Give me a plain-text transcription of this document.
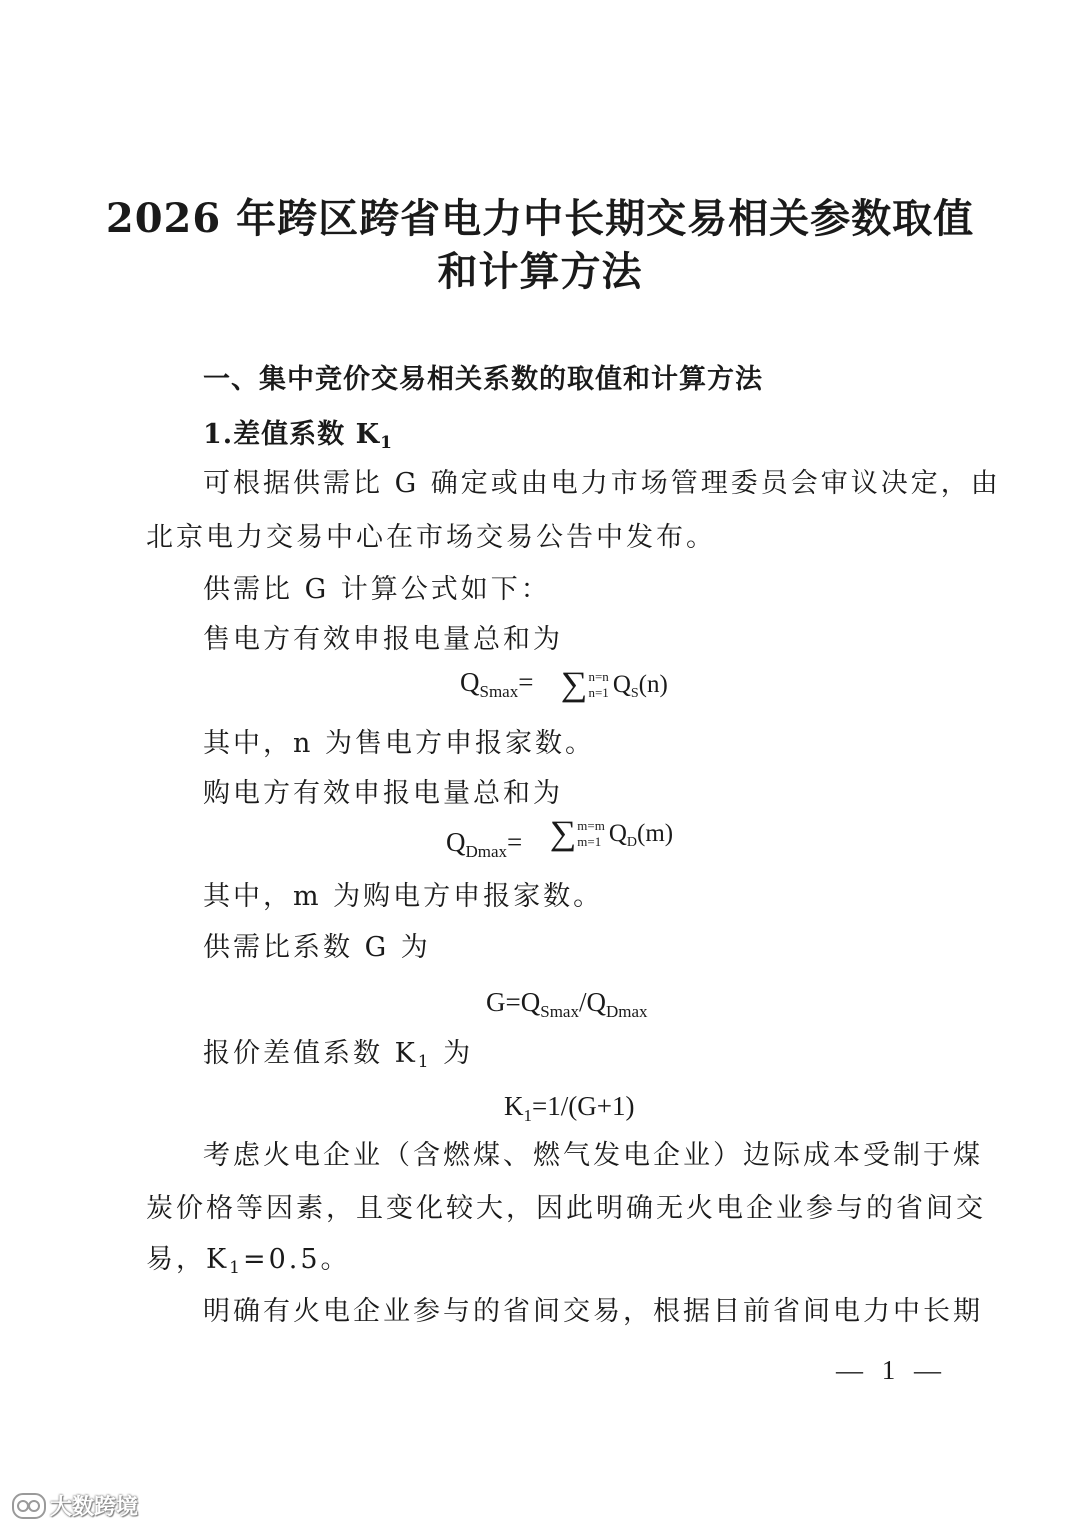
2026 年跨区跨省电力中长期交易相关参数取值
和计算方法
一、集中竞价交易相关系数的取值和计算方法
1.差值系数 $K_1$
可根据供需比 G 确定或由电力市场管理委员会审议决定，由
北京电力交易中心在市场交易公告中发布。
供需比 G 计算公式如下：
售电方有效申报电量总和为
$Q_{Smax}=$ ∑ n=n
n=1 $Q_S(n)$
其中，n 为售电方申报家数。
购电方有效申报电量总和为
$Q_{Dmax}=$ ∑ m=m
m=1 $Q_D(m)$
其中，m 为购电方申报家数。
供需比系数 G 为
$G=Q_{Smax}/Q_{Dmax}$
报价差值系数 $K_1$ 为
$K_1=1/(G+1)$
考虑火电企业（含燃煤、燃气发电企业）边际成本受制于煤
炭价格等因素，且变化较大，因此明确无火电企业参与的省间交
易，$K_1=0.5$。
明确有火电企业参与的省间交易，根据目前省间电力中长期
— 1 —
大数跨境
